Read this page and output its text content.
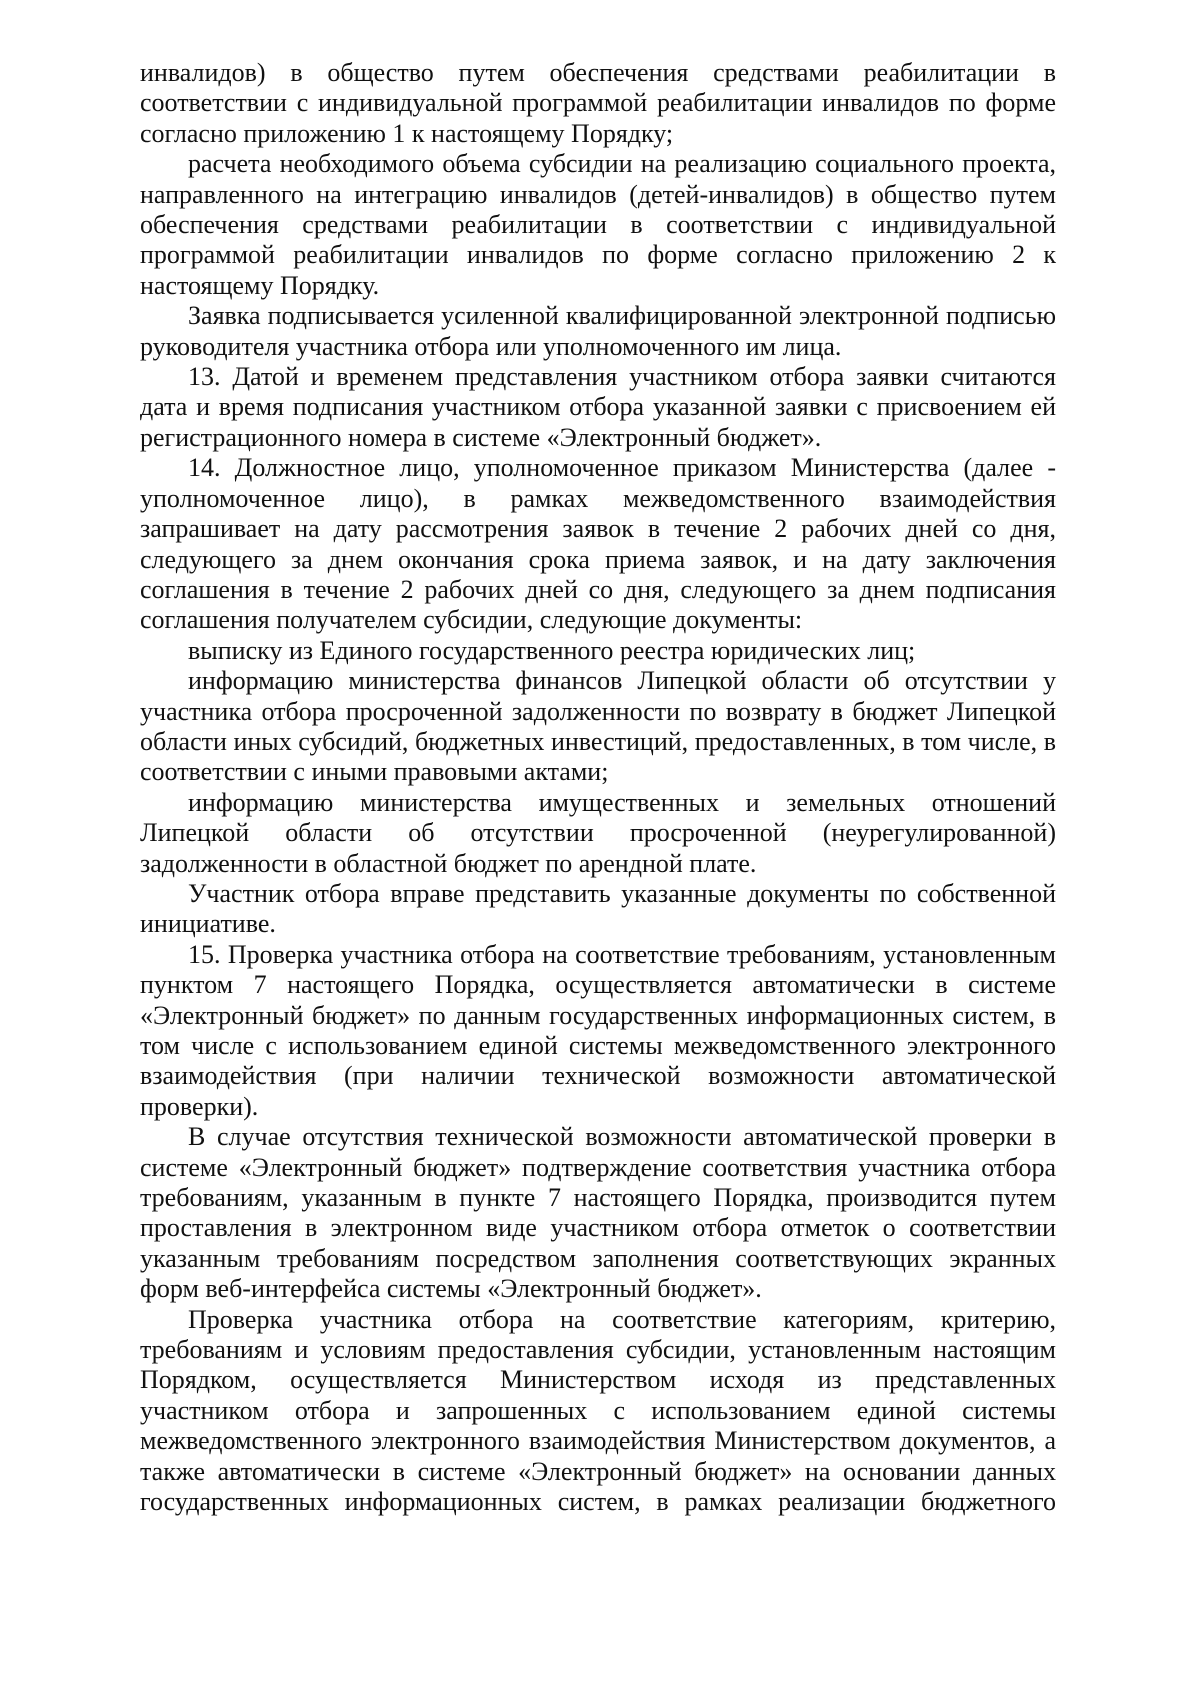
инвалидов) в общество путем обеспечения средствами реабилитации в соответствии с индивидуальной программой реабилитации инвалидов по форме согласно приложению 1 к настоящему Порядку;

расчета необходимого объема субсидии на реализацию социального проекта, направленного на интеграцию инвалидов (детей-инвалидов) в общество путем обеспечения средствами реабилитации в соответствии с индивидуальной программой реабилитации инвалидов по форме согласно приложению 2 к настоящему Порядку.

Заявка подписывается усиленной квалифицированной электронной подписью руководителя участника отбора или уполномоченного им лица.

13. Датой и временем представления участником отбора заявки считаются дата и время подписания участником отбора указанной заявки с присвоением ей регистрационного номера в системе «Электронный бюджет».

14. Должностное лицо, уполномоченное приказом Министерства (далее - уполномоченное лицо), в рамках межведомственного взаимодействия запрашивает на дату рассмотрения заявок в течение 2 рабочих дней со дня, следующего за днем окончания срока приема заявок, и на дату заключения соглашения в течение 2 рабочих дней со дня, следующего за днем подписания соглашения получателем субсидии, следующие документы:

выписку из Единого государственного реестра юридических лиц;

информацию министерства финансов Липецкой области об отсутствии у участника отбора просроченной задолженности по возврату в бюджет Липецкой области иных субсидий, бюджетных инвестиций, предоставленных, в том числе, в соответствии с иными правовыми актами;

информацию министерства имущественных и земельных отношений Липецкой области об отсутствии просроченной (неурегулированной) задолженности в областной бюджет по арендной плате.

Участник отбора вправе представить указанные документы по собственной инициативе.

15. Проверка участника отбора на соответствие требованиям, установленным пунктом 7 настоящего Порядка, осуществляется автоматически в системе «Электронный бюджет» по данным государственных информационных систем, в том числе с использованием единой системы межведомственного электронного взаимодействия (при наличии технической возможности автоматической проверки).

В случае отсутствия технической возможности автоматической проверки в системе «Электронный бюджет» подтверждение соответствия участника отбора требованиям, указанным в пункте 7 настоящего Порядка, производится путем проставления в электронном виде участником отбора отметок о соответствии указанным требованиям посредством заполнения соответствующих экранных форм веб-интерфейса системы «Электронный бюджет».

Проверка участника отбора на соответствие категориям, критерию, требованиям и условиям предоставления субсидии, установленным настоящим Порядком, осуществляется Министерством исходя из представленных участником отбора и запрошенных с использованием единой системы межведомственного электронного взаимодействия Министерством документов, а также автоматически в системе «Электронный бюджет» на основании данных государственных информационных систем, в рамках реализации бюджетного
